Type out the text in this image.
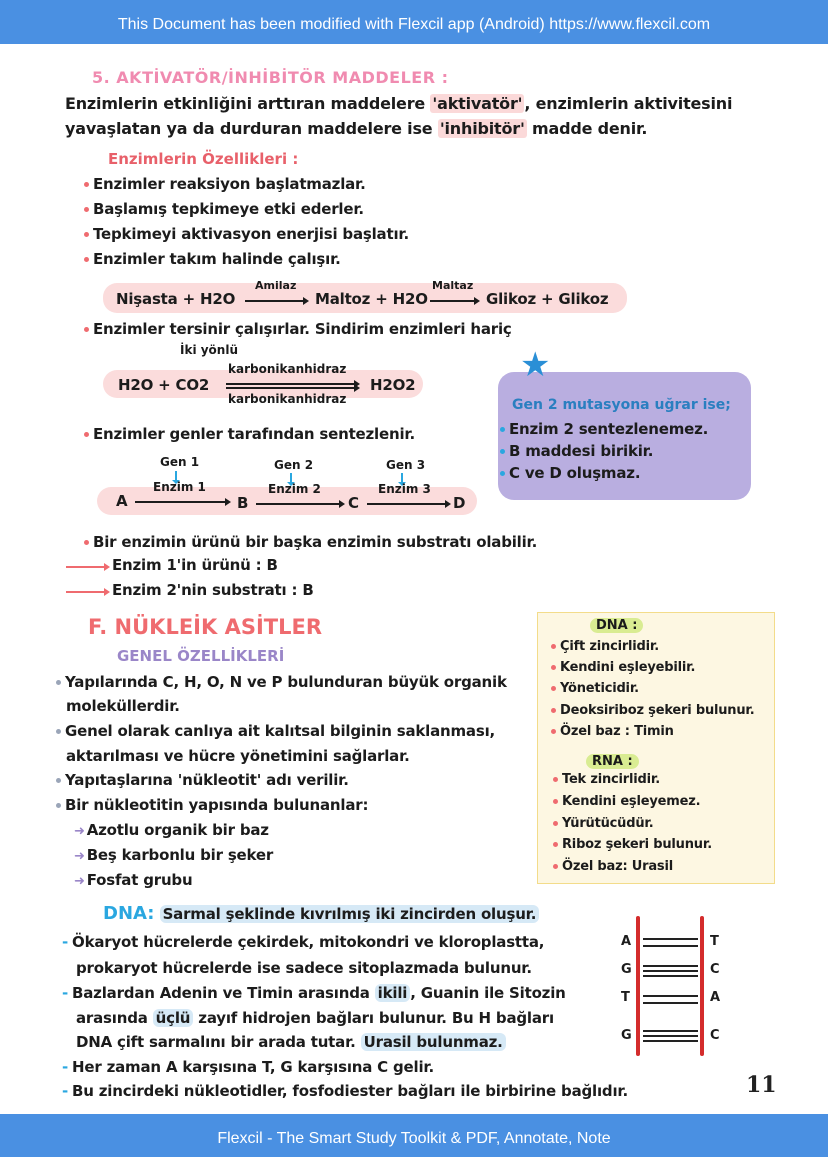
This Document has been modified with Flexcil app (Android) https://www.flexcil.com
5. AKTİVATÖR/İNHİBİTÖR MADDELER :
Enzimlerin etkinliğini arttıran maddelere 'aktivatör' , enzimlerin aktivitesini
yavaşlatan ya da durduran maddelere ise 'inhibitör' madde denir.
Enzimlerin Özellikleri :
Enzimler reaksiyon başlatmazlar.
Başlamış tepkimeye etki ederler.
Tepkimeyi aktivasyon enerjisi başlatır.
Enzimler takım halinde çalışır.
Nişasta + H2O
Amilaz
Maltoz + H2O
Maltaz
Glikoz + Glikoz
Enzimler tersinir çalışırlar. Sindirim enzimleri hariç
İki yönlü
H2O + CO2
karbonikanhidraz
karbonikanhidraz
H2O2	★
Gen 2 mutasyona uğrar ise;
Enzim 2 sentezlenemez.
B maddesi birikir.
C ve D oluşmaz.
Enzimler genler tarafından sentezlenir.
Gen 1	Gen 2	Gen 3
Enzim 1	Enzim 2	Enzim 3
A	B	C	D
Bir enzimin ürünü bir başka enzimin substratı olabilir.
Enzim 1'in ürünü : B
Enzim 2'nin substratı : B
F. NÜKLEİK ASİTLER
GENEL ÖZELLİKLERİ
Yapılarında C, H, O, N ve P bulunduran büyük organik
moleküllerdir.
Genel olarak canlıya ait kalıtsal bilginin saklanması,
aktarılması ve hücre yönetimini sağlarlar.
Yapıtaşlarına 'nükleotit' adı verilir.
Bir nükleotitin yapısında bulunanlar:
➜ Azotlu organik bir baz
➜ Beş karbonlu bir şeker
➜ Fosfat grubu
DNA :
Çift zincirlidir.
Kendini eşleyebilir.
Yöneticidir.
Deoksiriboz şekeri bulunur.
Özel baz : Timin
RNA :
Tek zincirlidir.
Kendini eşleyemez.
Yürütücüdür.
Riboz şekeri bulunur.
Özel baz: Urasil
DNA: Sarmal şeklinde kıvrılmış iki zincirden oluşur.
- Ökaryot hücrelerde çekirdek, mitokondri ve kloroplastta,
prokaryot hücrelerde ise sadece sitoplazmada bulunur.
- Bazlardan Adenin ve Timin arasında ikili , Guanin ile Sitozin
arasında üçlü zayıf hidrojen bağları bulunur. Bu H bağları
DNA çift sarmalını bir arada tutar. Urasil bulunmaz.
- Her zaman A karşısına T, G karşısına C gelir.
- Bu zincirdeki nükleotidler, fosfodiester bağları ile birbirine bağlıdır.
A
G
T
G
T
C
A
C
11
Flexcil - The Smart Study Toolkit & PDF, Annotate, Note
